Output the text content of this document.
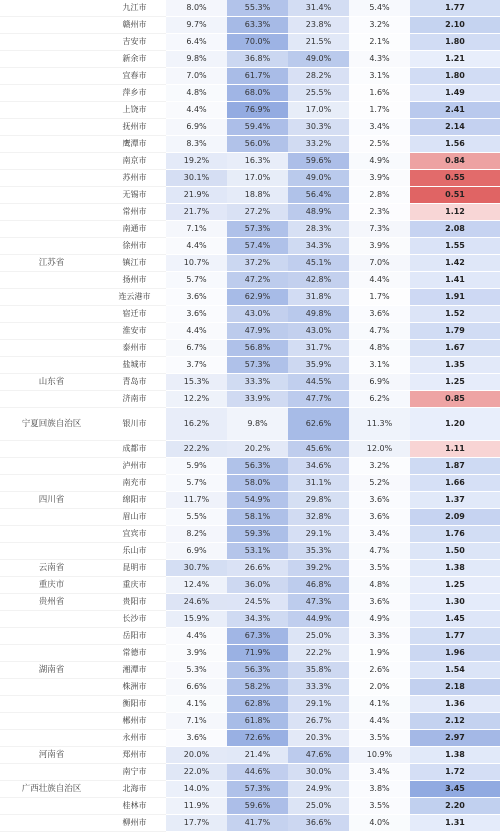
	九江市	8.0%	55.3%	31.4%	5.4%	1.77
	赣州市	9.7%	63.3%	23.8%	3.2%	2.10
	吉安市	6.4%	70.0%	21.5%	2.1%	1.80
	新余市	9.8%	36.8%	49.0%	4.3%	1.21
	宜春市	7.0%	61.7%	28.2%	3.1%	1.80
	萍乡市	4.8%	68.0%	25.5%	1.6%	1.49
	上饶市	4.4%	76.9%	17.0%	1.7%	2.41
	抚州市	6.9%	59.4%	30.3%	3.4%	2.14
	鹰潭市	8.3%	56.0%	33.2%	2.5%	1.56
	南京市	19.2%	16.3%	59.6%	4.9%	0.84
	苏州市	30.1%	17.0%	49.0%	3.9%	0.55
	无锡市	21.9%	18.8%	56.4%	2.8%	0.51
	常州市	21.7%	27.2%	48.9%	2.3%	1.12
	南通市	7.1%	57.3%	28.3%	7.3%	2.08
	徐州市	4.4%	57.4%	34.3%	3.9%	1.55
江苏省	镇江市	10.7%	37.2%	45.1%	7.0%	1.42
	扬州市	5.7%	47.2%	42.8%	4.4%	1.41
	连云港市	3.6%	62.9%	31.8%	1.7%	1.91
	宿迁市	3.6%	43.0%	49.8%	3.6%	1.52
	淮安市	4.4%	47.9%	43.0%	4.7%	1.79
	泰州市	6.7%	56.8%	31.7%	4.8%	1.67
	盐城市	3.7%	57.3%	35.9%	3.1%	1.35
山东省	青岛市	15.3%	33.3%	44.5%	6.9%	1.25
	济南市	12.2%	33.9%	47.7%	6.2%	0.85
宁夏回族自治区	银川市	16.2%	9.8%	62.6%	11.3%	1.20
	成都市	22.2%	20.2%	45.6%	12.0%	1.11
	泸州市	5.9%	56.3%	34.6%	3.2%	1.87
	南充市	5.7%	58.0%	31.1%	5.2%	1.66
四川省	绵阳市	11.7%	54.9%	29.8%	3.6%	1.37
	眉山市	5.5%	58.1%	32.8%	3.6%	2.09
	宜宾市	8.2%	59.3%	29.1%	3.4%	1.76
	乐山市	6.9%	53.1%	35.3%	4.7%	1.50
云南省	昆明市	30.7%	26.6%	39.2%	3.5%	1.38
重庆市	重庆市	12.4%	36.0%	46.8%	4.8%	1.25
贵州省	贵阳市	24.6%	24.5%	47.3%	3.6%	1.30
	长沙市	15.9%	34.3%	44.9%	4.9%	1.45
	岳阳市	4.4%	67.3%	25.0%	3.3%	1.77
	常德市	3.9%	71.9%	22.2%	1.9%	1.96
湖南省	湘潭市	5.3%	56.3%	35.8%	2.6%	1.54
	株洲市	6.6%	58.2%	33.3%	2.0%	2.18
	衡阳市	4.1%	62.8%	29.1%	4.1%	1.36
	郴州市	7.1%	61.8%	26.7%	4.4%	2.12
	永州市	3.6%	72.6%	20.3%	3.5%	2.97
河南省	郑州市	20.0%	21.4%	47.6%	10.9%	1.38
	南宁市	22.0%	44.6%	30.0%	3.4%	1.72
广西壮族自治区	北海市	14.0%	57.3%	24.9%	3.8%	3.45
	桂林市	11.9%	59.6%	25.0%	3.5%	2.20
	柳州市	17.7%	41.7%	36.6%	4.0%	1.31
